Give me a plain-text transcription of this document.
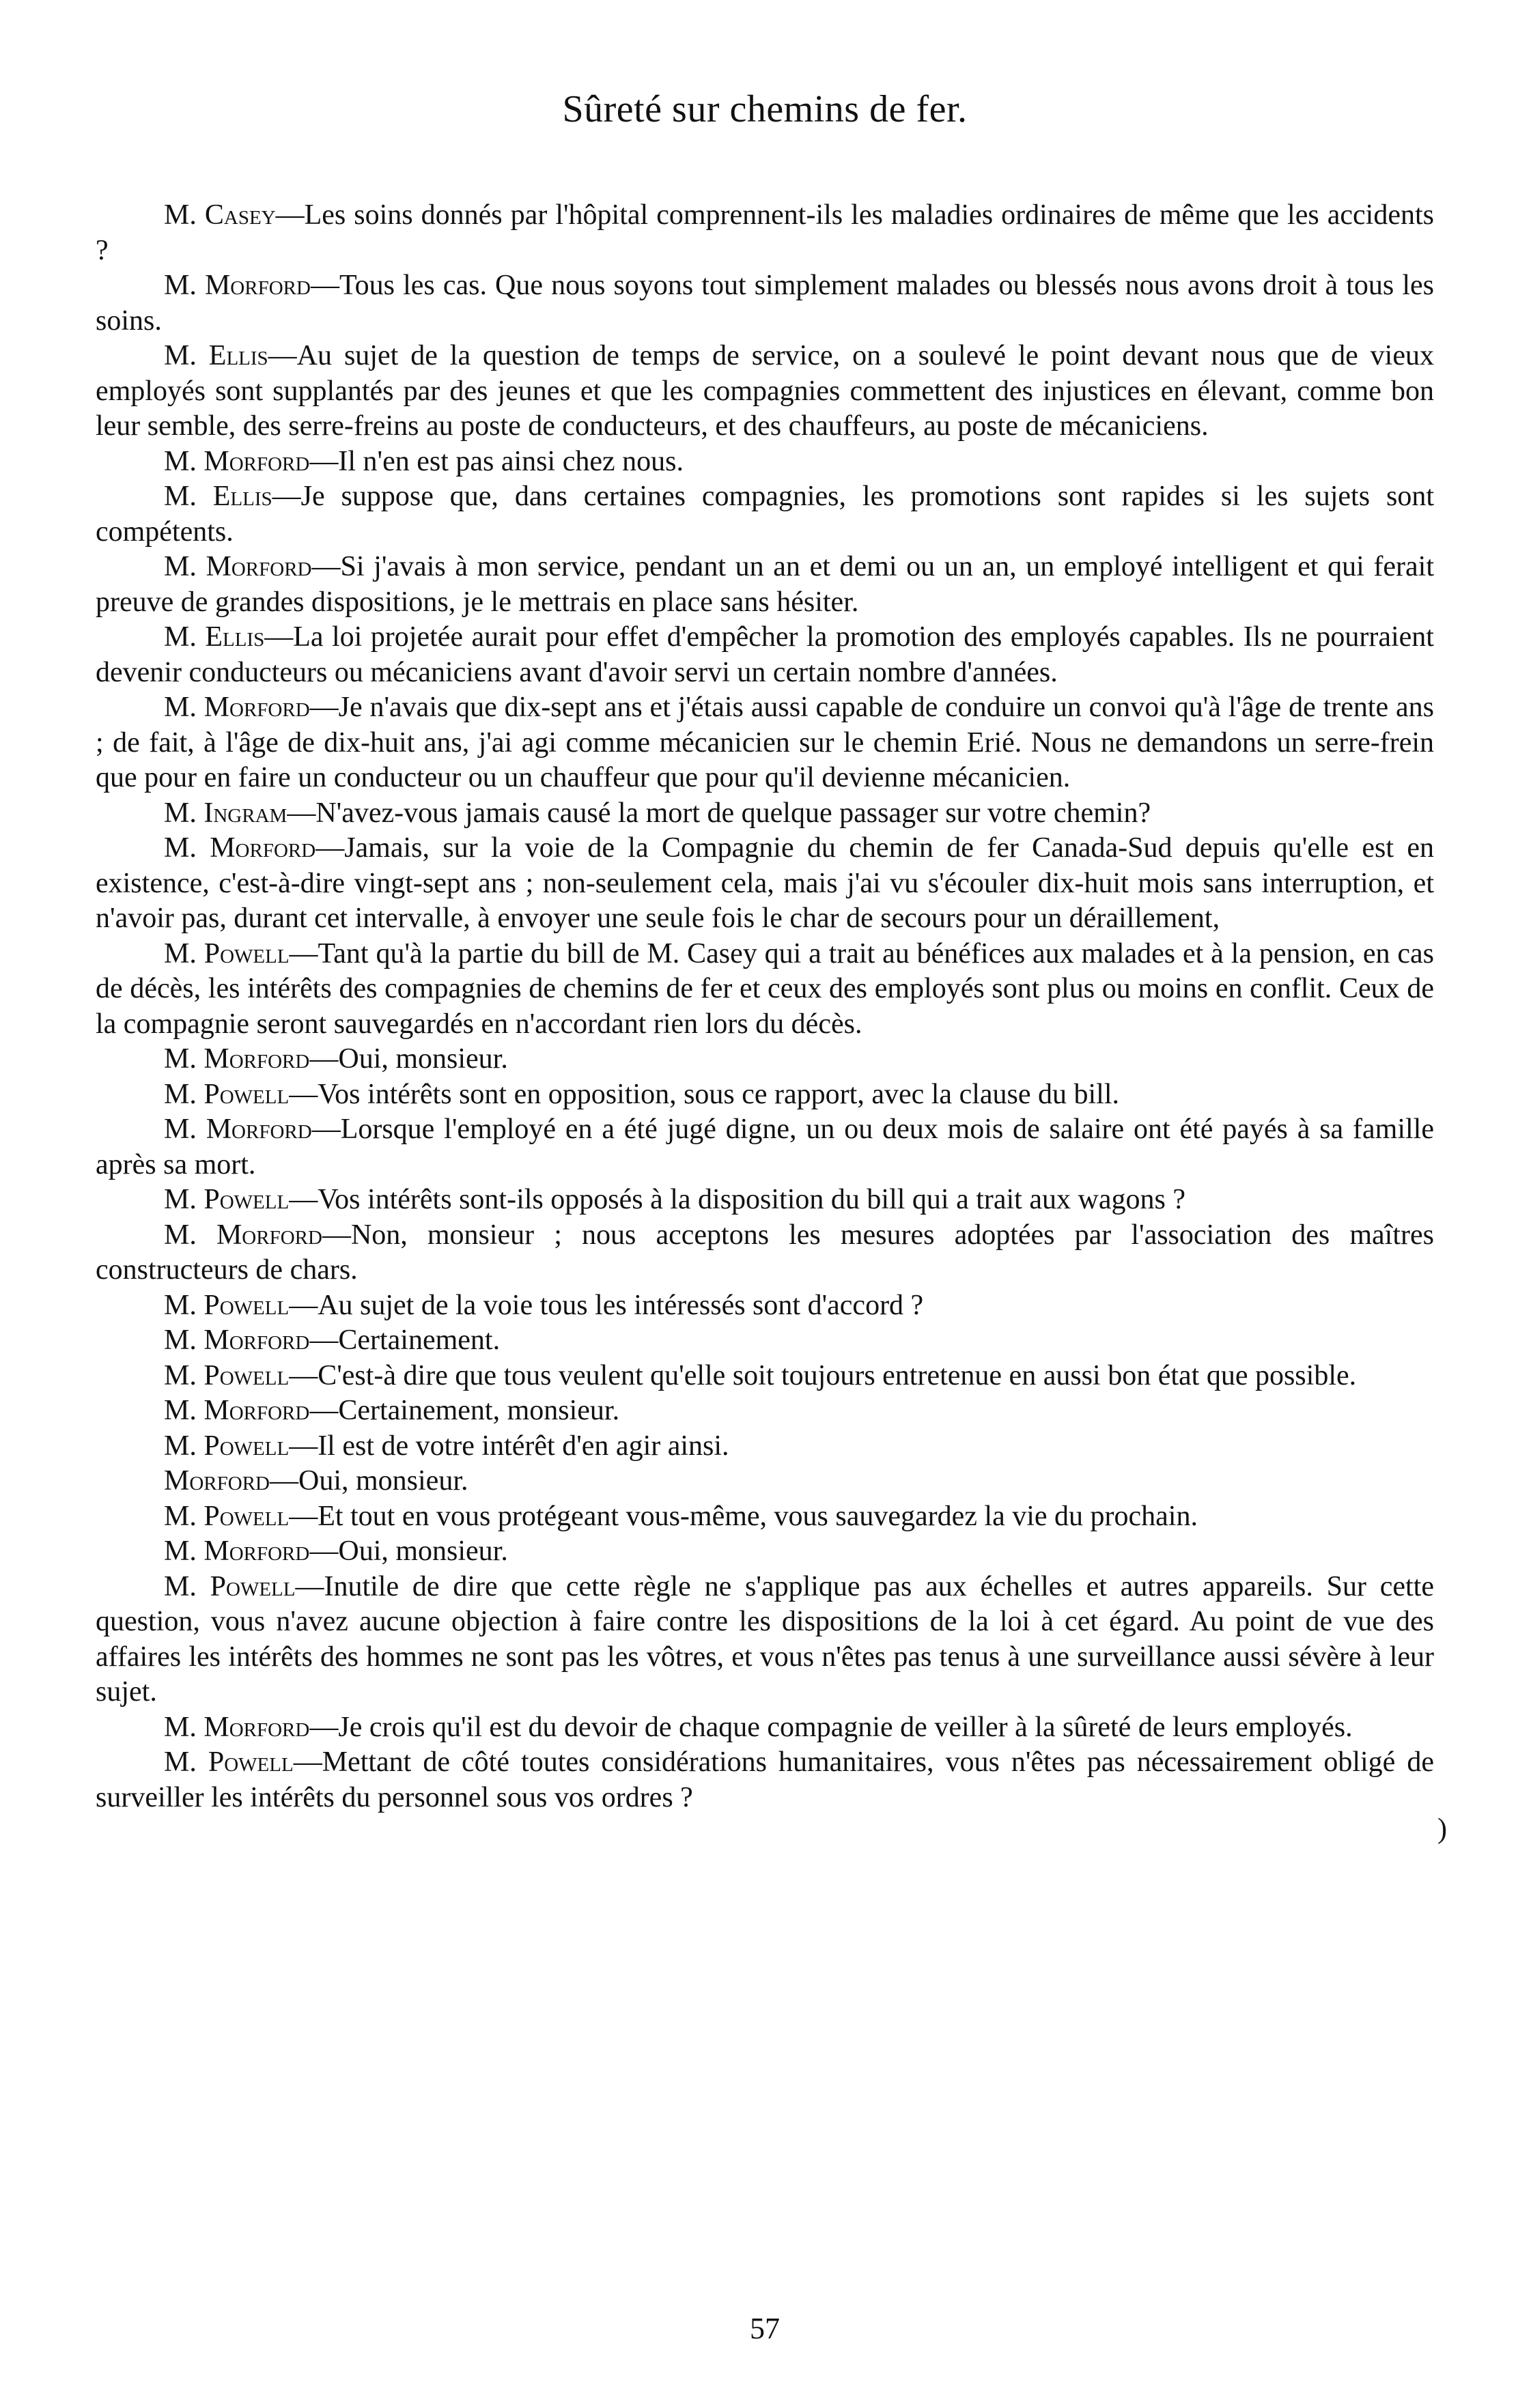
Sûreté sur chemins de fer.

M. Casey—Les soins donnés par l'hôpital comprennent-ils les maladies ordinaires de même que les accidents ?

M. Morford—Tous les cas. Que nous soyons tout simplement malades ou blessés nous avons droit à tous les soins.

M. Ellis—Au sujet de la question de temps de service, on a soulevé le point devant nous que de vieux employés sont supplantés par des jeunes et que les compagnies commettent des injustices en élevant, comme bon leur semble, des serre-freins au poste de conducteurs, et des chauffeurs, au poste de mécaniciens.

M. Morford—Il n'en est pas ainsi chez nous.

M. Ellis—Je suppose que, dans certaines compagnies, les promotions sont rapides si les sujets sont compétents.

M. Morford—Si j'avais à mon service, pendant un an et demi ou un an, un employé intelligent et qui ferait preuve de grandes dispositions, je le mettrais en place sans hésiter.

M. Ellis—La loi projetée aurait pour effet d'empêcher la promotion des employés capables. Ils ne pourraient devenir conducteurs ou mécaniciens avant d'avoir servi un certain nombre d'années.

M. Morford—Je n'avais que dix-sept ans et j'étais aussi capable de conduire un convoi qu'à l'âge de trente ans ; de fait, à l'âge de dix-huit ans, j'ai agi comme mécanicien sur le chemin Erié. Nous ne demandons un serre-frein que pour en faire un conducteur ou un chauffeur que pour qu'il devienne mécanicien.

M. Ingram—N'avez-vous jamais causé la mort de quelque passager sur votre chemin?

M. Morford—Jamais, sur la voie de la Compagnie du chemin de fer Canada-Sud depuis qu'elle est en existence, c'est-à-dire vingt-sept ans ; non-seulement cela, mais j'ai vu s'écouler dix-huit mois sans interruption, et n'avoir pas, durant cet intervalle, à envoyer une seule fois le char de secours pour un déraillement,

M. Powell—Tant qu'à la partie du bill de M. Casey qui a trait au bénéfices aux malades et à la pension, en cas de décès, les intérêts des compagnies de chemins de fer et ceux des employés sont plus ou moins en conflit. Ceux de la compagnie seront sauvegardés en n'accordant rien lors du décès.

M. Morford—Oui, monsieur.

M. Powell—Vos intérêts sont en opposition, sous ce rapport, avec la clause du bill.

M. Morford—Lorsque l'employé en a été jugé digne, un ou deux mois de salaire ont été payés à sa famille après sa mort.

M. Powell—Vos intérêts sont-ils opposés à la disposition du bill qui a trait aux wagons ?

M. Morford—Non, monsieur ; nous acceptons les mesures adoptées par l'association des maîtres constructeurs de chars.

M. Powell—Au sujet de la voie tous les intéressés sont d'accord ?

M. Morford—Certainement.

M. Powell—C'est-à dire que tous veulent qu'elle soit toujours entretenue en aussi bon état que possible.

M. Morford—Certainement, monsieur.

M. Powell—Il est de votre intérêt d'en agir ainsi.

Morford—Oui, monsieur.

M. Powell—Et tout en vous protégeant vous-même, vous sauvegardez la vie du prochain.

M. Morford—Oui, monsieur.

M. Powell—Inutile de dire que cette règle ne s'applique pas aux échelles et autres appareils. Sur cette question, vous n'avez aucune objection à faire contre les dispositions de la loi à cet égard. Au point de vue des affaires les intérêts des hommes ne sont pas les vôtres, et vous n'êtes pas tenus à une surveillance aussi sévère à leur sujet.

M. Morford—Je crois qu'il est du devoir de chaque compagnie de veiller à la sûreté de leurs employés.

M. Powell—Mettant de côté toutes considérations humanitaires, vous n'êtes pas nécessairement obligé de surveiller les intérêts du personnel sous vos ordres ?

57
)
